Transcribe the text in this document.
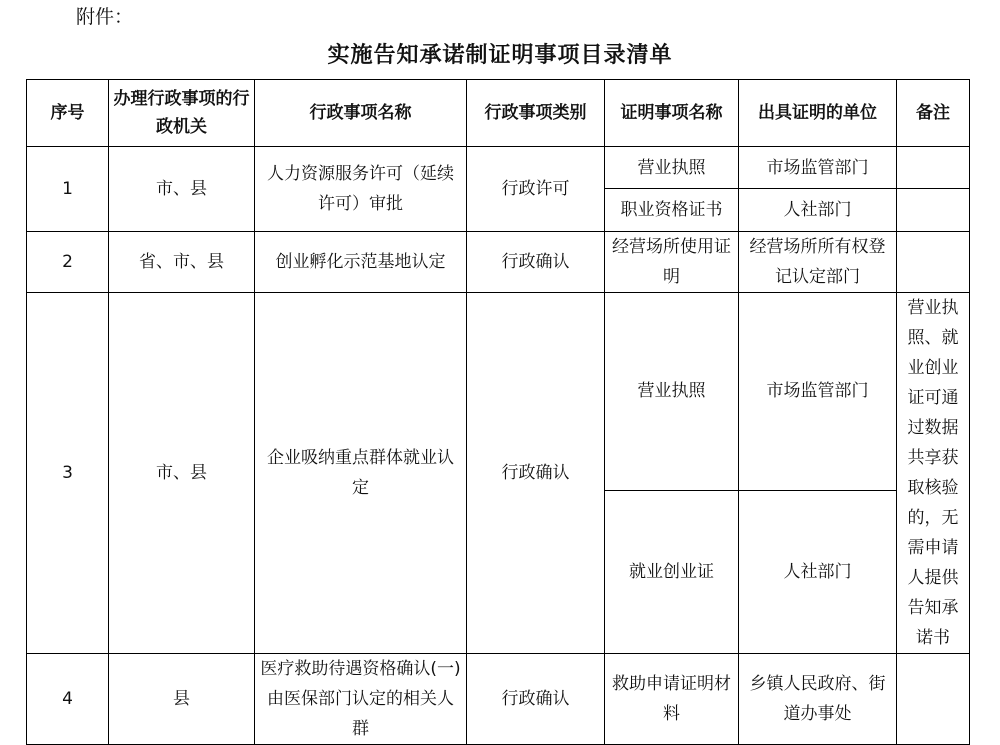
附件：
实施告知承诺制证明事项目录清单
序号	办理行政事项的行政机关	行政事项名称	行政事项类别	证明事项名称	出具证明的单位	备注
1	市、县	人力资源服务许可（延续许可）审批	行政许可	营业执照	市场监管部门	
				职业资格证书	人社部门	
2	省、市、县	创业孵化示范基地认定	行政确认	经营场所使用证明	经营场所所有权登记认定部门	
3	市、县	企业吸纳重点群体就业认定	行政确认	营业执照	市场监管部门	营业执照、就业创业证可通过数据共享获取核验的，无需申请人提供告知承诺书
				就业创业证	人社部门	
4	县	医疗救助待遇资格确认(一)由医保部门认定的相关人群	行政确认	救助申请证明材料	乡镇人民政府、街道办事处	
